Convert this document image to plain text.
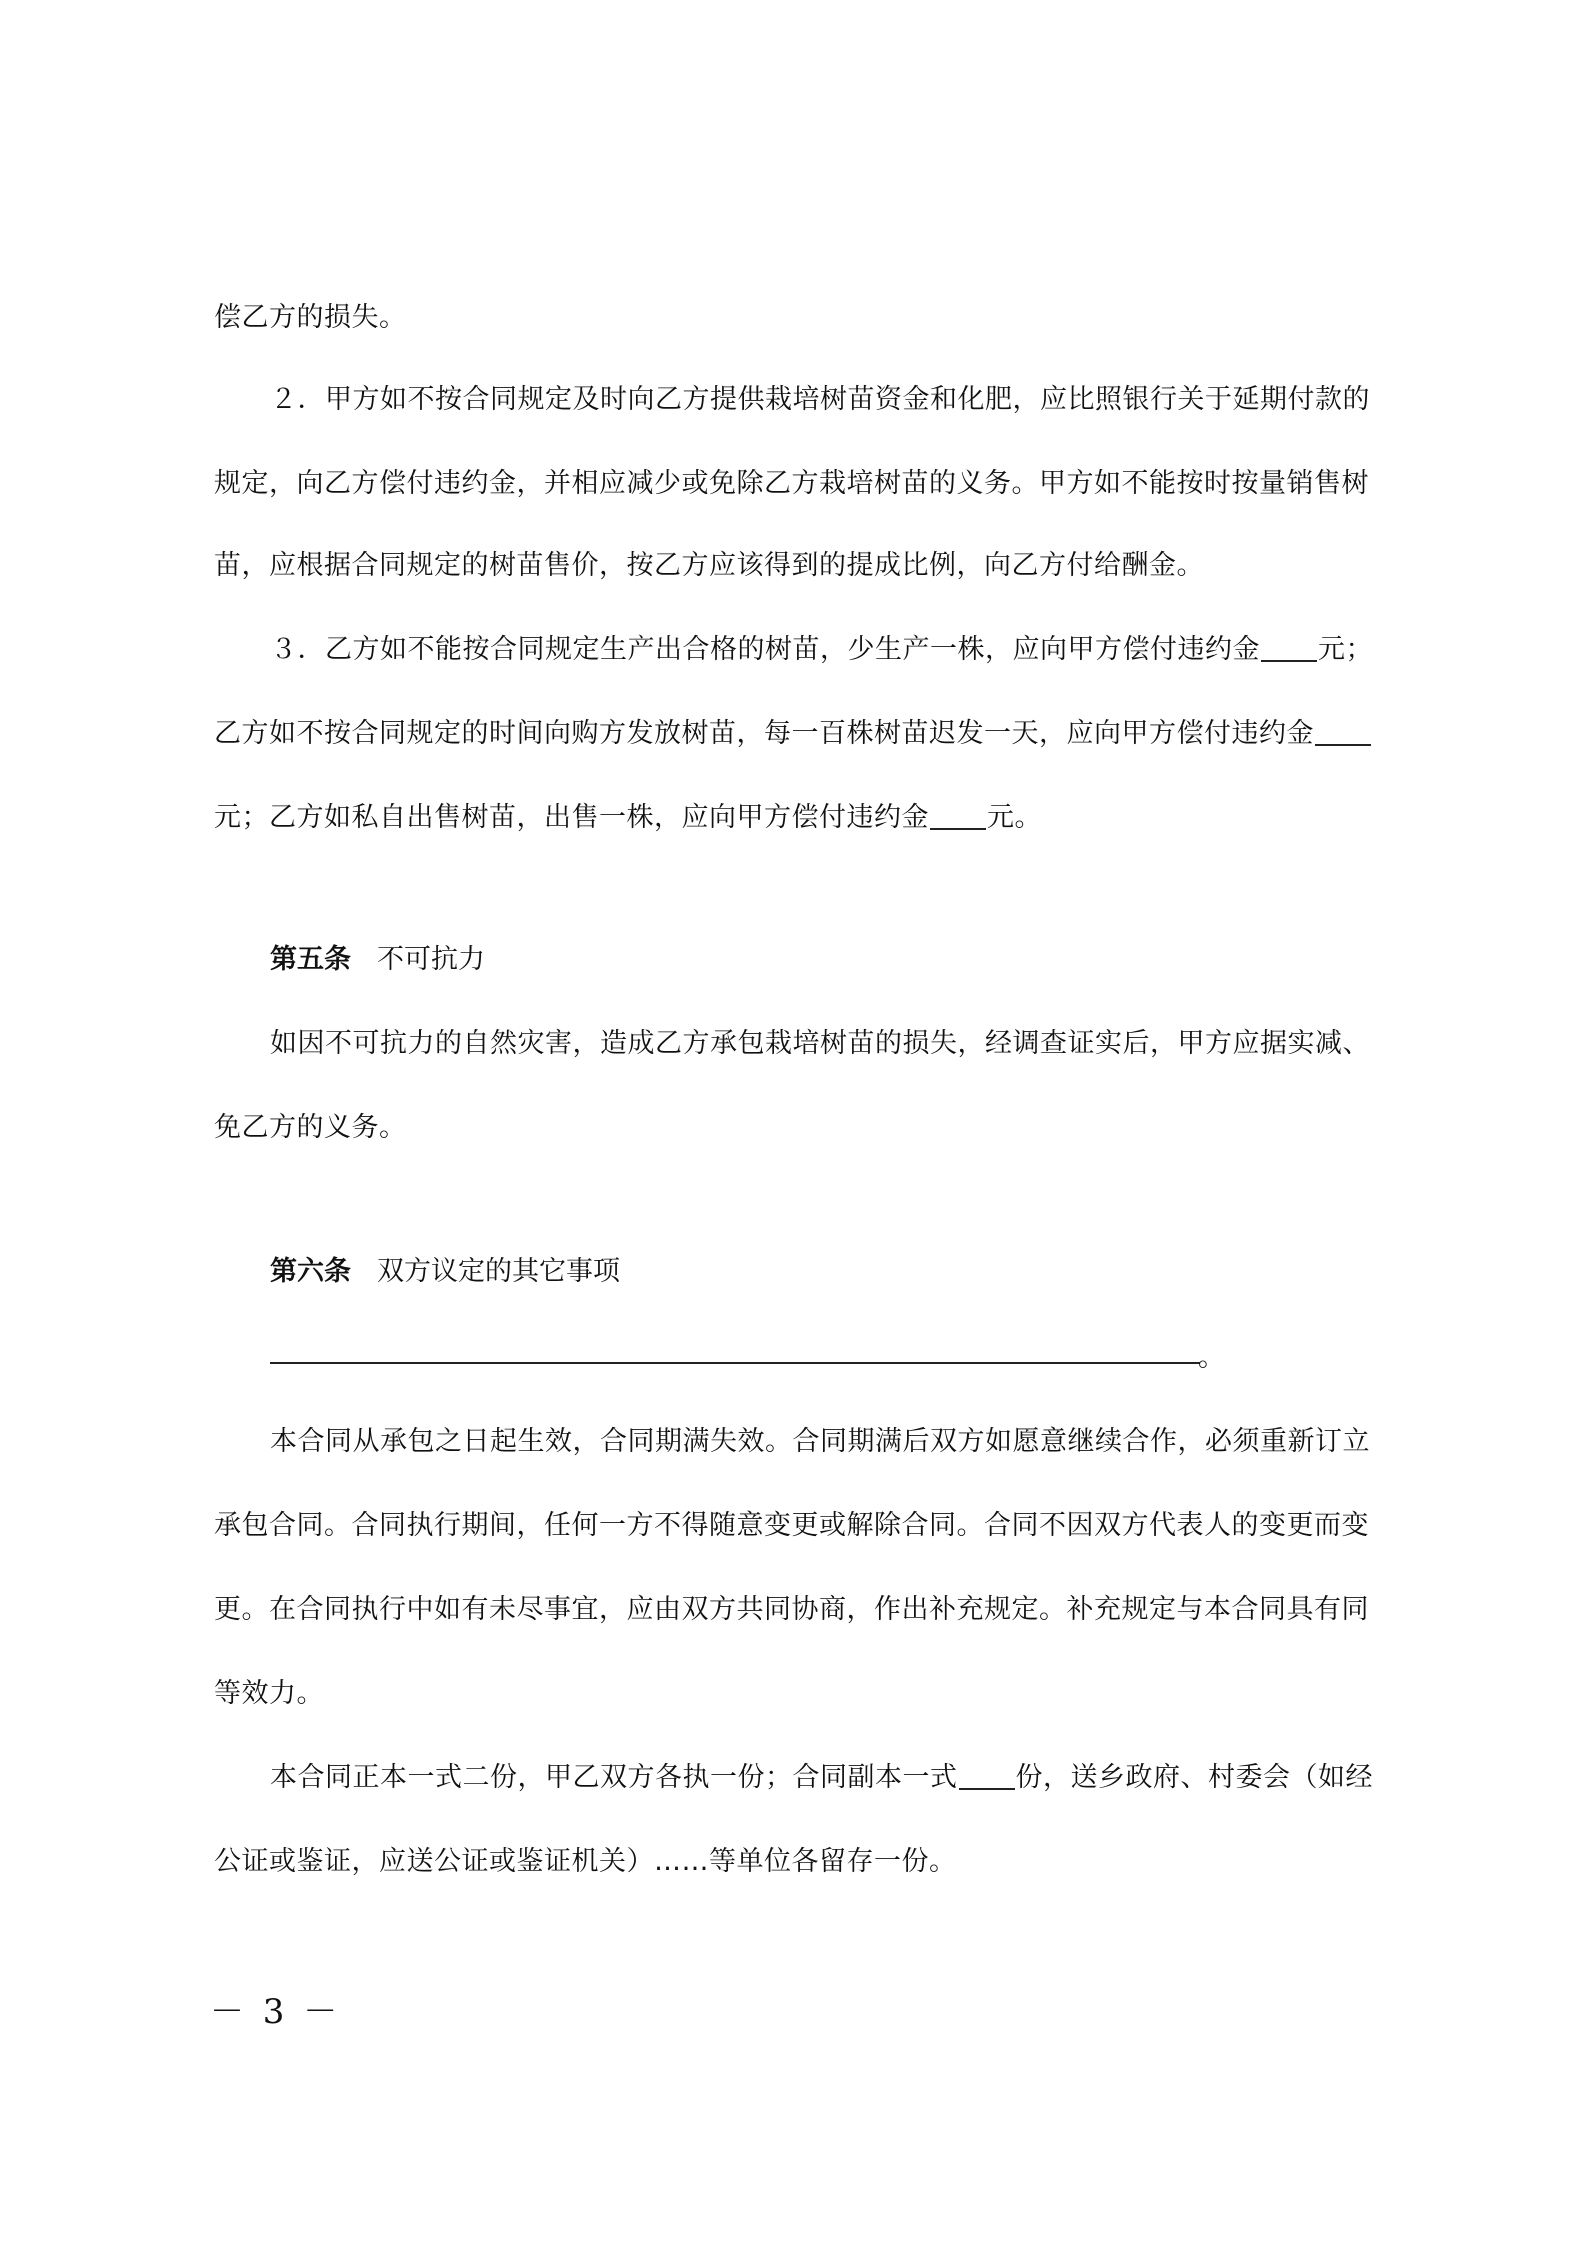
偿乙方的损失。
２．甲方如不按合同规定及时向乙方提供栽培树苗资金和化肥，应比照银行关于延期付款的
规定，向乙方偿付违约金，并相应减少或免除乙方栽培树苗的义务。甲方如不能按时按量销售树
苗，应根据合同规定的树苗售价，按乙方应该得到的提成比例，向乙方付给酬金。
３．乙方如不能按合同规定生产出合格的树苗，少生产一株，应向甲方偿付违约金 元；
乙方如不按合同规定的时间向购方发放树苗，每一百株树苗迟发一天，应向甲方偿付违约金
元；乙方如私自出售树苗，出售一株，应向甲方偿付违约金 元。
第五条 不可抗力
如因不可抗力的自然灾害，造成乙方承包栽培树苗的损失，经调查证实后，甲方应据实减、
免乙方的义务。
第六条 双方议定的其它事项
。
本合同从承包之日起生效，合同期满失效。合同期满后双方如愿意继续合作，必须重新订立
承包合同。合同执行期间，任何一方不得随意变更或解除合同。合同不因双方代表人的变更而变
更。在合同执行中如有未尽事宜，应由双方共同协商，作出补充规定。补充规定与本合同具有同
等效力。
本合同正本一式二份，甲乙双方各执一份；合同副本一式 份，送乡政府、村委会（如经
公证或鉴证，应送公证或鉴证机关）……等单位各留存一份。
－ 3 －
